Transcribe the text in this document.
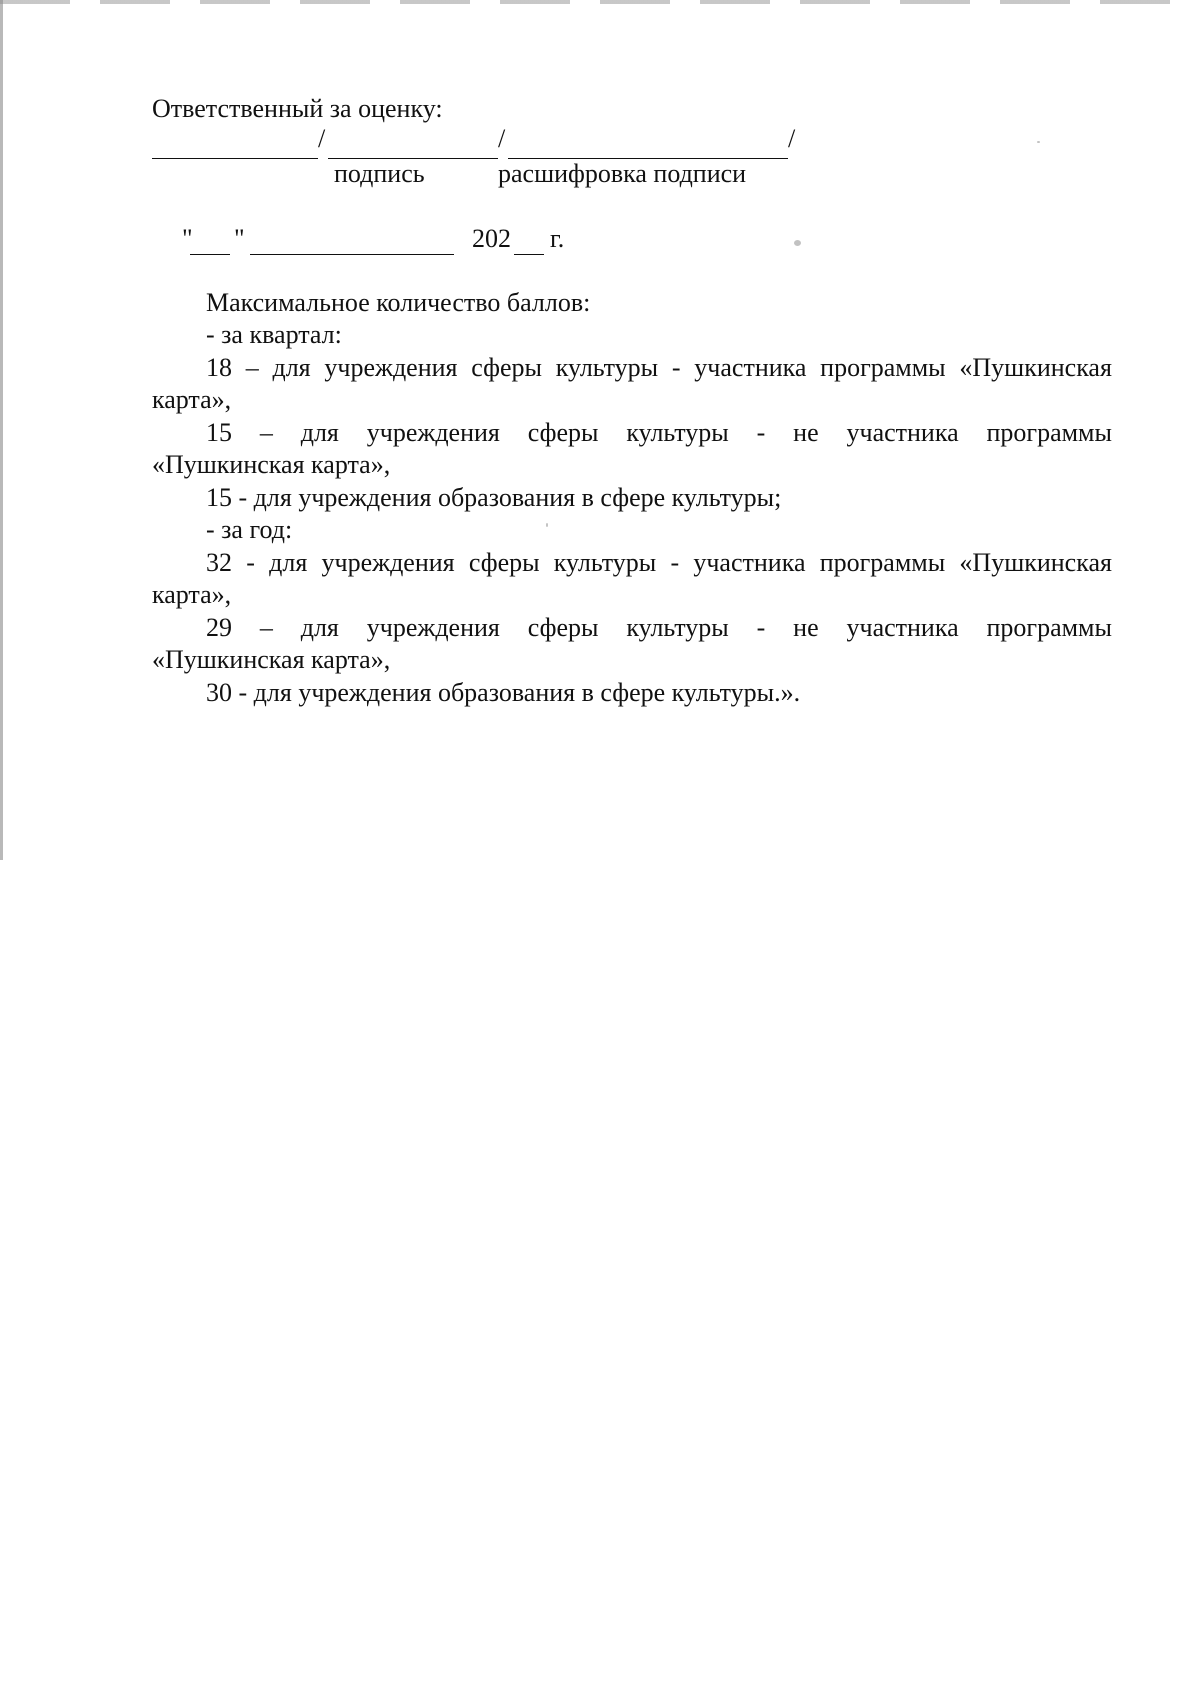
Ответственный за оценку:
/	/	/
подпись	расшифровка подписи
" "	202 г.
Максимальное количество баллов:
- за квартал:
18 – для учреждения сферы культуры - участника программы «Пушкинская
карта»,
15 – для учреждения сферы культуры - не участника программы
«Пушкинская карта»,
15 - для учреждения образования в сфере культуры;
- за год:
32 - для учреждения сферы культуры - участника программы «Пушкинская
карта»,
29 – для учреждения сферы культуры - не участника программы
«Пушкинская карта»,
30 - для учреждения образования в сфере культуры.».
